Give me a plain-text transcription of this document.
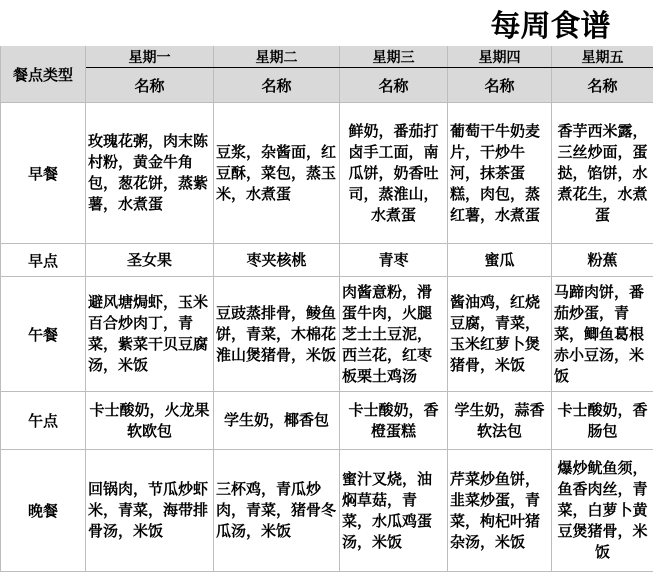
				每周食谱	
餐点类型	星期一	星期二	星期三	星期四	星期五
	名称	名称	名称	名称	名称
早餐	玫瑰花粥，肉末陈村粉，黄金牛角包，葱花饼，蒸紫薯，水煮蛋	豆浆，杂酱面，红豆酥，菜包，蒸玉米，水煮蛋	鲜奶，番茄打卤手工面，南瓜饼，奶香吐司，蒸淮山，水煮蛋	葡萄干牛奶麦片，干炒牛河，抹茶蛋糕，肉包，蒸红薯，水煮蛋	香芋西米露，三丝炒面，蛋挞，馅饼，水煮花生，水煮蛋
早点	圣女果	枣夹核桃	青枣	蜜瓜	粉蕉
午餐	避风塘焗虾，玉米百合炒肉丁，青菜，紫菜干贝豆腐汤，米饭	豆豉蒸排骨，鲮鱼饼，青菜，木棉花淮山煲猪骨，米饭	肉酱意粉，滑蛋牛肉，火腿芝士土豆泥，西兰花，红枣板栗土鸡汤	酱油鸡，红烧豆腐，青菜，玉米红萝卜煲猪骨，米饭	马蹄肉饼，番茄炒蛋，青菜，鲫鱼葛根赤小豆汤，米饭
午点	卡士酸奶，火龙果软欧包	学生奶，椰香包	卡士酸奶，香橙蛋糕	学生奶，蒜香软法包	卡士酸奶，香肠包
晚餐	回锅肉，节瓜炒虾米，青菜，海带排骨汤，米饭	三杯鸡，青瓜炒肉，青菜，猪骨冬瓜汤，米饭	蜜汁叉烧，油焖草菇，青菜，水瓜鸡蛋汤，米饭	芹菜炒鱼饼，韭菜炒蛋，青菜，枸杞叶猪杂汤，米饭	爆炒鱿鱼须，鱼香肉丝，青菜，白萝卜黄豆煲猪骨，米饭
